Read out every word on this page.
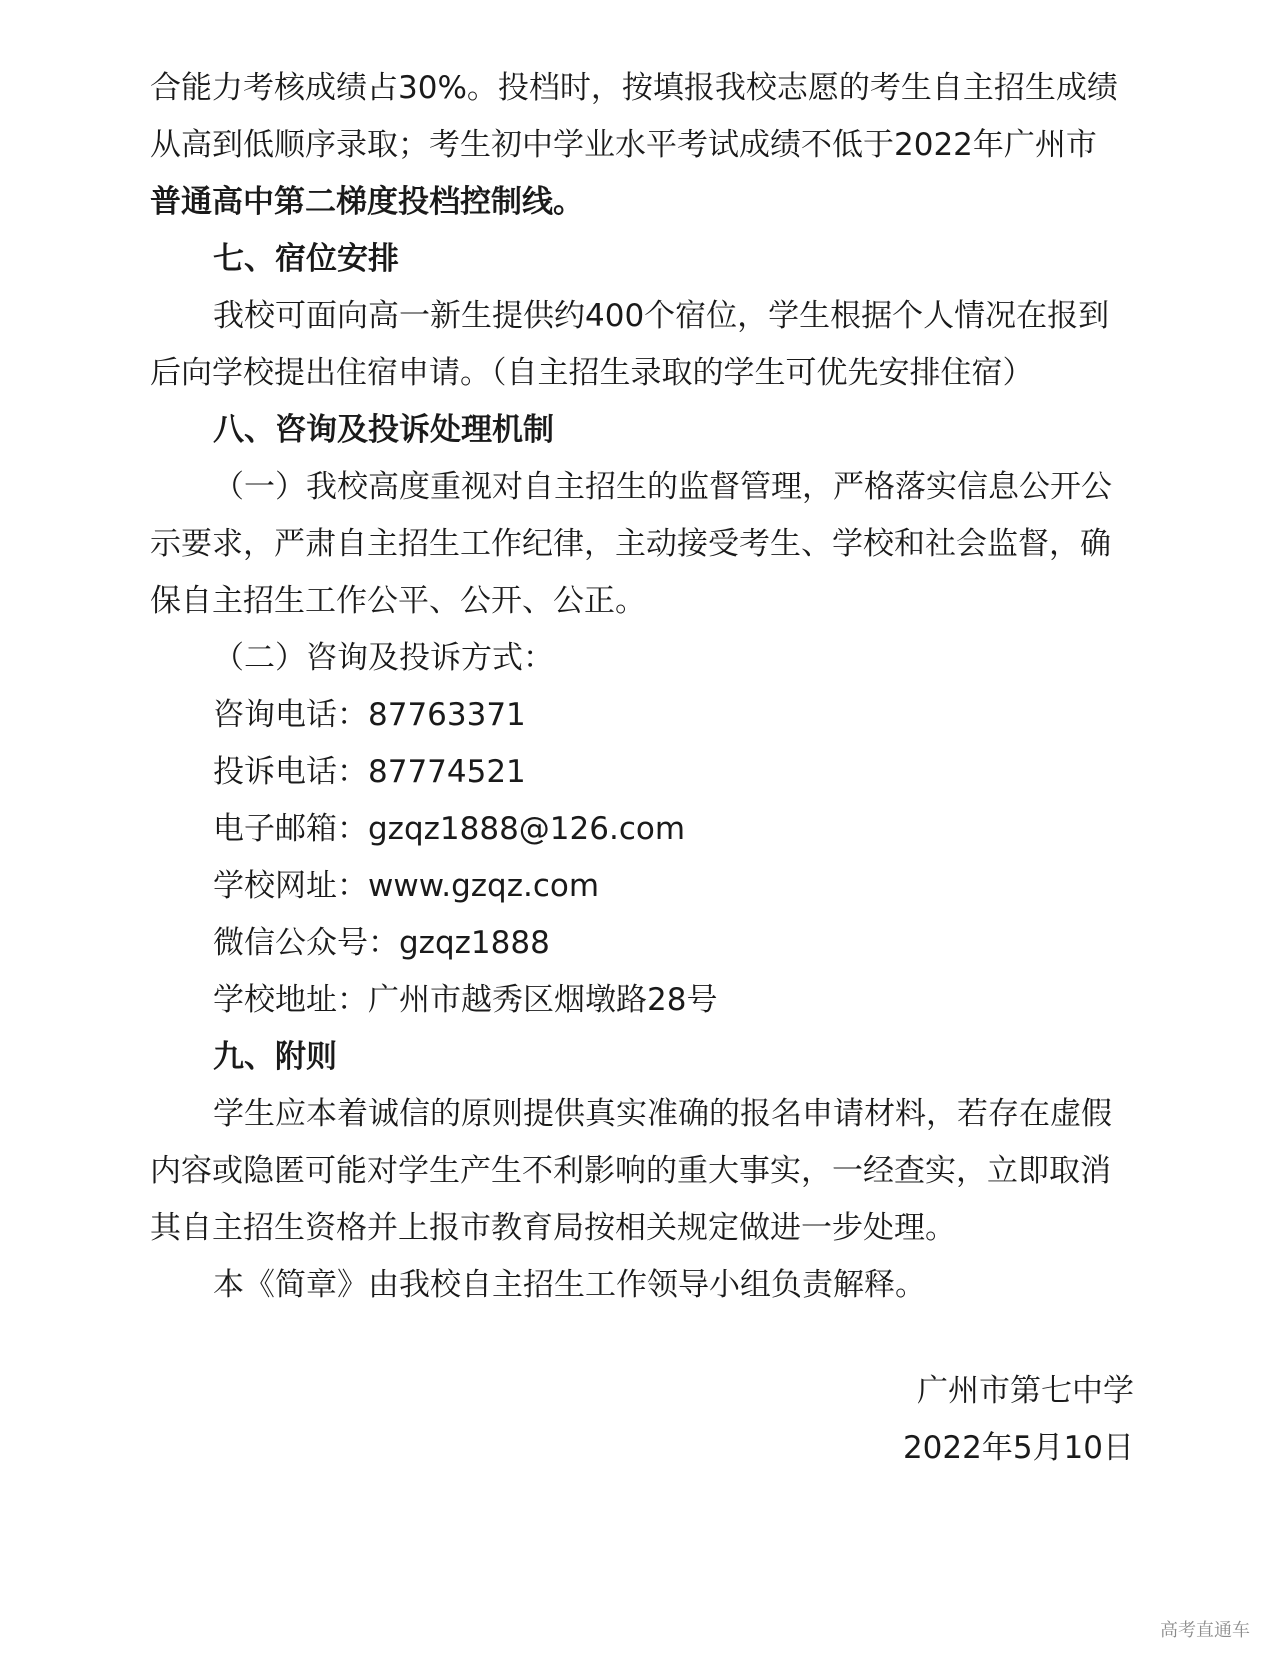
合能力考核成绩占30%。投档时，按填报我校志愿的考生自主招生成绩
从高到低顺序录取；考生初中学业水平考试成绩不低于2022年广州市
普通高中第二梯度投档控制线。
七、宿位安排
我校可面向高一新生提供约400个宿位，学生根据个人情况在报到
后向学校提出住宿申请。（自主招生录取的学生可优先安排住宿）
八、咨询及投诉处理机制
（一）我校高度重视对自主招生的监督管理，严格落实信息公开公
示要求，严肃自主招生工作纪律，主动接受考生、学校和社会监督，确
保自主招生工作公平、公开、公正。
（二）咨询及投诉方式：
咨询电话：87763371
投诉电话：87774521
电子邮箱：gzqz1888@126.com
学校网址：www.gzqz.com
微信公众号：gzqz1888
学校地址：广州市越秀区烟墩路28号
九、附则
学生应本着诚信的原则提供真实准确的报名申请材料，若存在虚假
内容或隐匿可能对学生产生不利影响的重大事实，一经查实，立即取消
其自主招生资格并上报市教育局按相关规定做进一步处理。
本《简章》由我校自主招生工作领导小组负责解释。
广州市第七中学
2022年5月10日
高考直通车
